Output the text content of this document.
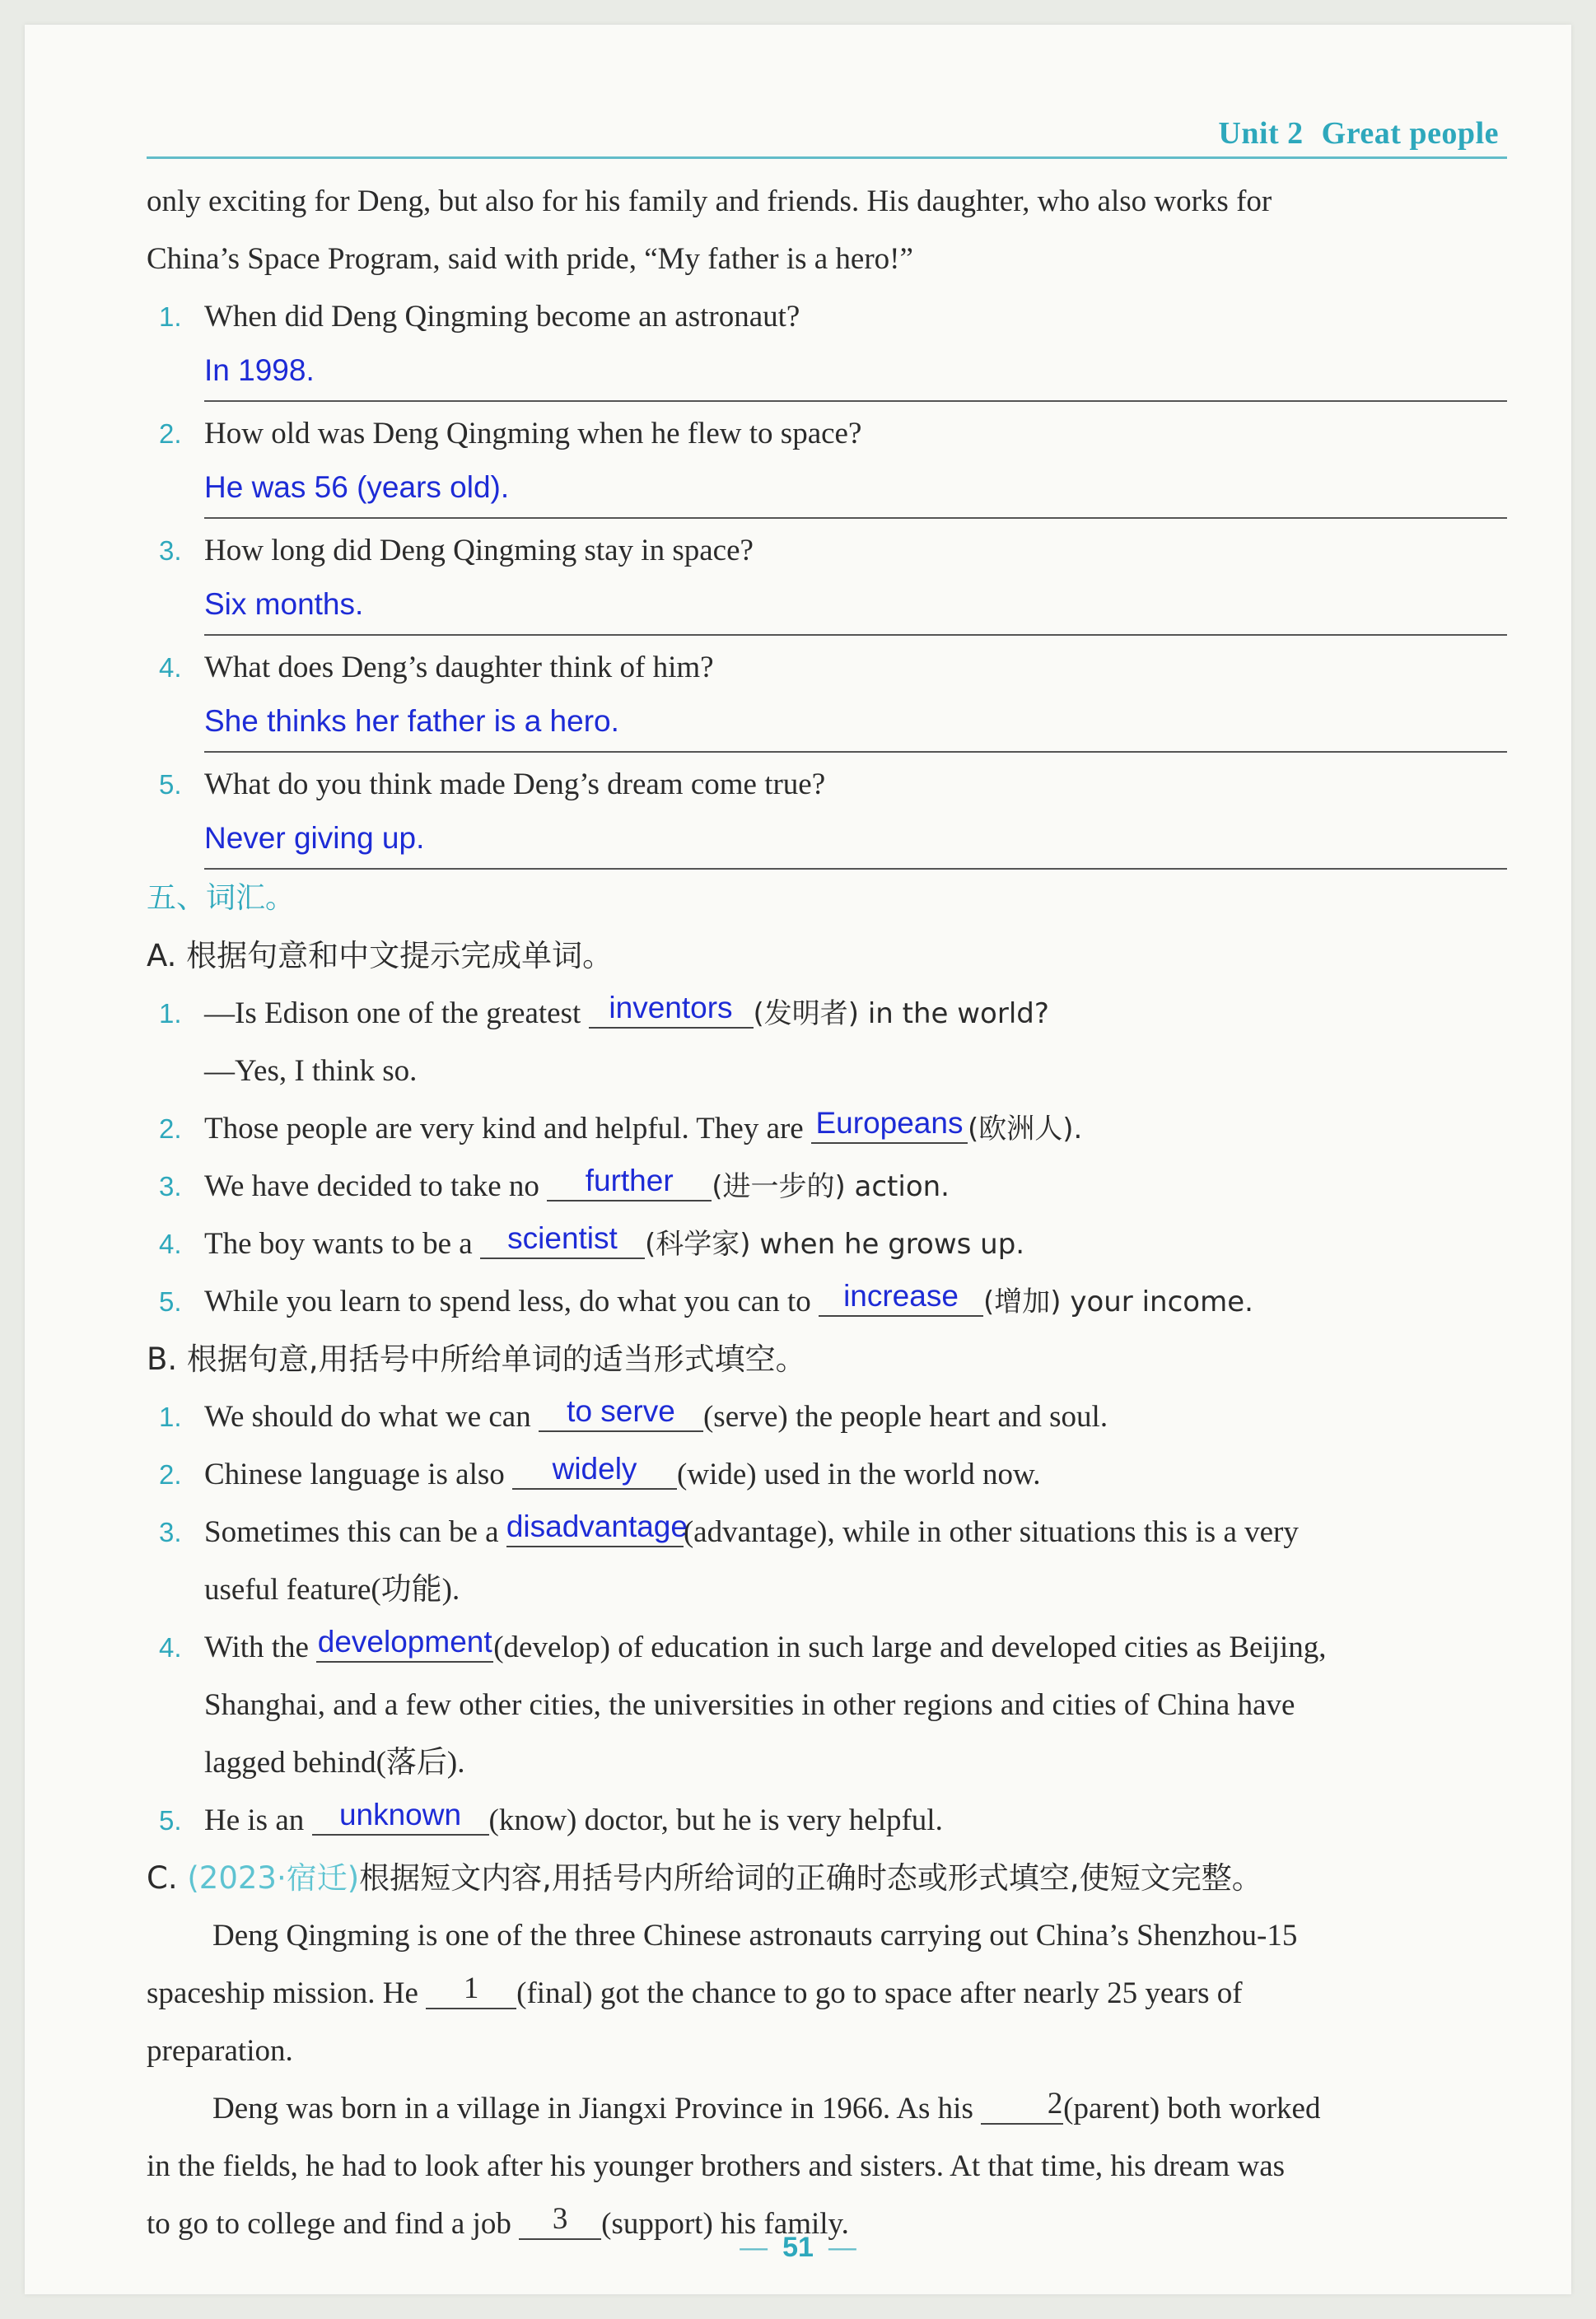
Unit 2 Great people

only exciting for Deng, but also for his family and friends. His daughter, who also works for

China’s Space Program, said with pride, “My father is a hero!”

1. When did Deng Qingming become an astronaut?
In 1998.
2. How old was Deng Qingming when he flew to space?
He was 56 (years old).
3. How long did Deng Qingming stay in space?
Six months.
4. What does Deng’s daughter think of him?
She thinks her father is a hero.
5. What do you think made Deng’s dream come true?
Never giving up.

五、词汇。

A. 根据句意和中文提示完成单词。

1. —Is Edison one of the greatest inventors (发明者) in the world?
—Yes, I think so.
2. Those people are very kind and helpful. They are Europeans (欧洲人).
3. We have decided to take no further (进一步的) action.
4. The boy wants to be a scientist (科学家) when he grows up.
5. While you learn to spend less, do what you can to increase (增加) your income.

B. 根据句意,用括号中所给单词的适当形式填空。

1. We should do what we can to serve (serve) the people heart and soul.
2. Chinese language is also widely (wide) used in the world now.
3. Sometimes this can be a disadvantage(advantage), while in other situations this is a very
useful feature(功能).
4. With the development(develop) of education in such large and developed cities as Beijing,
Shanghai, and a few other cities, the universities in other regions and cities of China have
lagged behind(落后).
5. He is an unknown (know) doctor, but he is very helpful.

C. (2023·宿迁)根据短文内容,用括号内所给词的正确时态或形式填空,使短文完整。

Deng Qingming is one of the three Chinese astronauts carrying out China’s Shenzhou-15

spaceship mission. He 1 (final) got the chance to go to space after nearly 25 years of

preparation.

Deng was born in a village in Jiangxi Province in 1966. As his 2(parent) both worked

in the fields, he had to look after his younger brothers and sisters. At that time, his dream was

to go to college and find a job 3 (support) his family.

— 51 —
